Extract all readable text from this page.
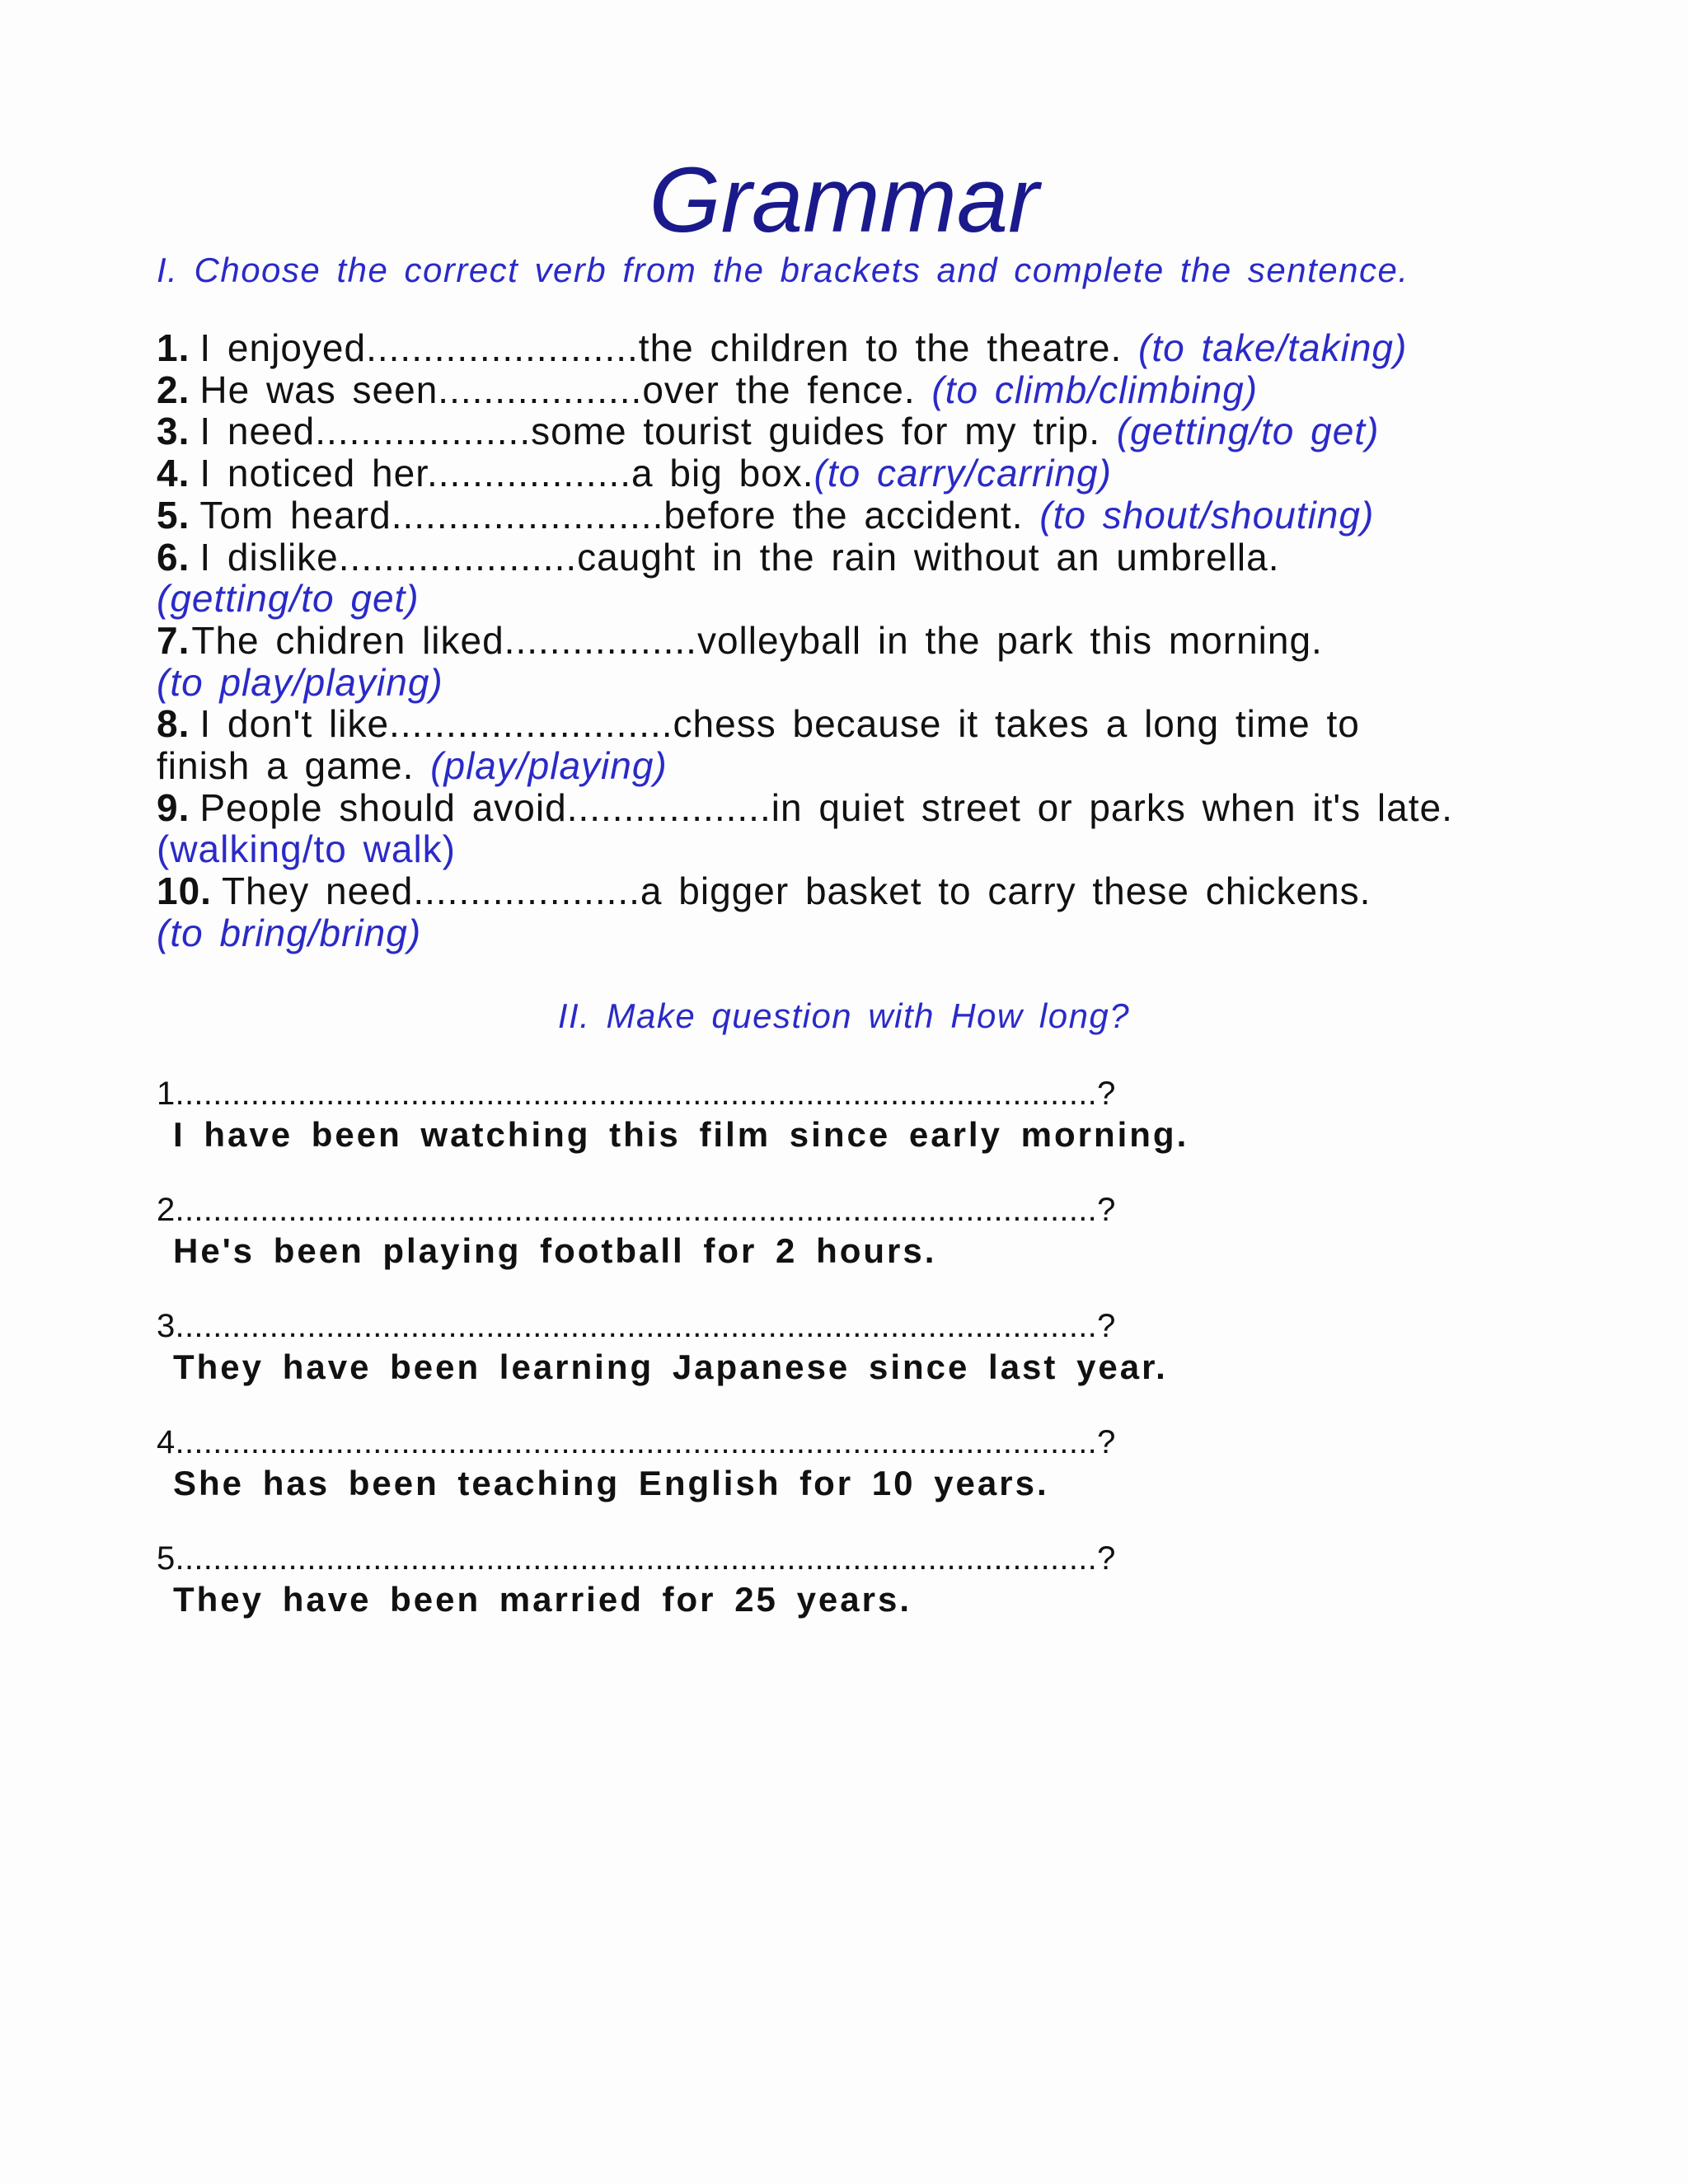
Grammar
I. Choose the correct verb from the brackets and complete the sentence.
1. I enjoyed........................the children to the theatre. (to take/taking)
2. He was seen..................over the fence. (to climb/climbing)
3. I need...................some tourist guides for my trip. (getting/to get)
4. I noticed her..................a big box.(to carry/carring)
5. Tom heard........................before the accident. (to shout/shouting)
6. I dislike.....................caught in the rain without an umbrella.
(getting/to get)
7.The chidren liked.................volleyball in the park this morning.
(to play/playing)
8. I don't like.........................chess because it takes a long time to
finish a game. (play/playing)
9. People should avoid..................in quiet street or parks when it's late.
(walking/to walk)
10. They need....................a bigger basket to carry these chickens.
(to bring/bring)
II. Make question with How long?
1..................................................................................................?
I have been watching this film since early morning.
2..................................................................................................?
He's been playing football for 2 hours.
3..................................................................................................?
They have been learning Japanese since last year.
4..................................................................................................?
She has been teaching English for 10 years.
5..................................................................................................?
They have been married for 25 years.
